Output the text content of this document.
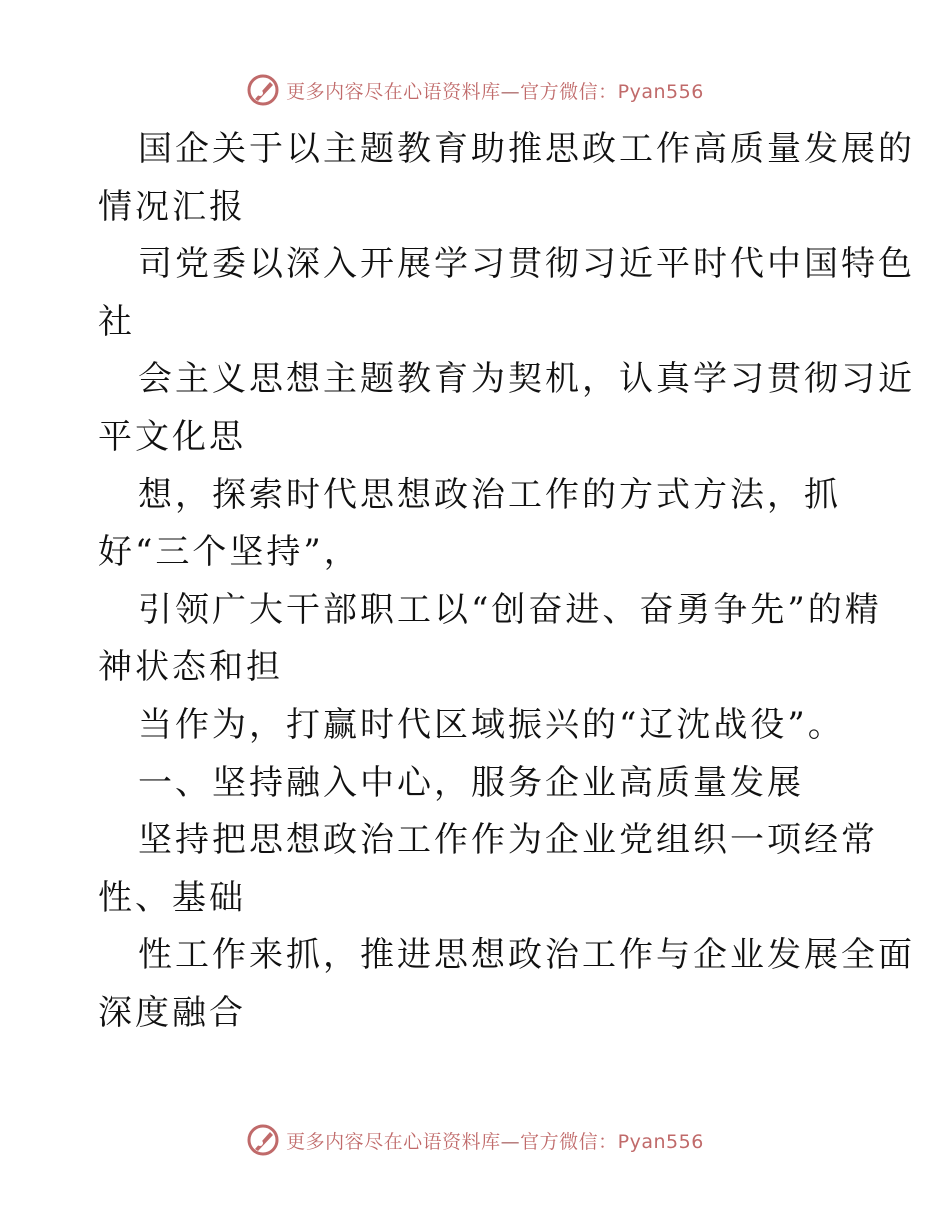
更多内容尽在心语资料库—官方微信：Pyan556
国企关于以主题教育助推思政工作高质量发展的
情况汇报
司党委以深入开展学习贯彻习近平时代中国特色
社
会主义思想主题教育为契机，认真学习贯彻习近
平文化思
想，探索时代思想政治工作的方式方法，抓
好“三个坚持”，
引领广大干部职工以“创奋进、奋勇争先”的精
神状态和担
当作为，打赢时代区域振兴的“辽沈战役”。
一、坚持融入中心，服务企业高质量发展
坚持把思想政治工作作为企业党组织一项经常
性、基础
性工作来抓，推进思想政治工作与企业发展全面
深度融合
更多内容尽在心语资料库—官方微信：Pyan556
